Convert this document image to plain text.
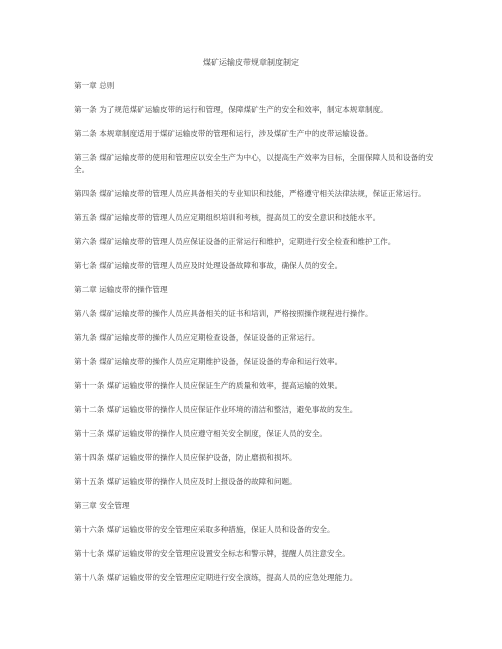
煤矿运输皮带规章制度制定

第一章 总则

第一条 为了规范煤矿运输皮带的运行和管理，保障煤矿生产的安全和效率，制定本规章制度。

第二条 本规章制度适用于煤矿运输皮带的管理和运行，涉及煤矿生产中的皮带运输设备。

第三条 煤矿运输皮带的使用和管理应以安全生产为中心，以提高生产效率为目标，全面保障人员和设备的安全。

第四条 煤矿运输皮带的管理人员应具备相关的专业知识和技能，严格遵守相关法律法规，保证正常运行。

第五条 煤矿运输皮带的管理人员应定期组织培训和考核，提高员工的安全意识和技能水平。

第六条 煤矿运输皮带的管理人员应保证设备的正常运行和维护，定期进行安全检查和维护工作。

第七条 煤矿运输皮带的管理人员应及时处理设备故障和事故，确保人员的安全。

第二章 运输皮带的操作管理

第八条 煤矿运输皮带的操作人员应具备相关的证书和培训，严格按照操作规程进行操作。

第九条 煤矿运输皮带的操作人员应定期检查设备，保证设备的正常运行。

第十条 煤矿运输皮带的操作人员应定期维护设备，保证设备的寿命和运行效率。

第十一条 煤矿运输皮带的操作人员应保证生产的质量和效率，提高运输的效果。

第十二条 煤矿运输皮带的操作人员应保证作业环境的清洁和整洁，避免事故的发生。

第十三条 煤矿运输皮带的操作人员应遵守相关安全制度，保证人员的安全。

第十四条 煤矿运输皮带的操作人员应保护设备，防止磨损和损坏。

第十五条 煤矿运输皮带的操作人员应及时上报设备的故障和问题。

第三章 安全管理

第十六条 煤矿运输皮带的安全管理应采取多种措施，保证人员和设备的安全。

第十七条 煤矿运输皮带的安全管理应设置安全标志和警示牌，提醒人员注意安全。

第十八条 煤矿运输皮带的安全管理应定期进行安全演练，提高人员的应急处理能力。
